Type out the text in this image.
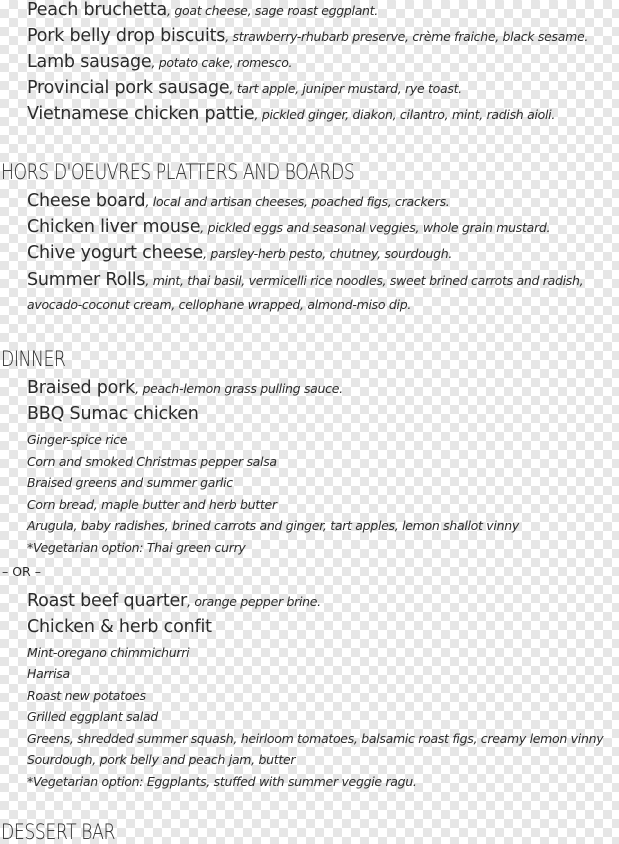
Peach bruchetta, goat cheese, sage roast eggplant.
Pork belly drop biscuits, strawberry-rhubarb preserve, crème fraiche, black sesame.
Lamb sausage, potato cake, romesco.
Provincial pork sausage, tart apple, juniper mustard, rye toast.
Vietnamese chicken pattie, pickled ginger, diakon, cilantro, mint, radish aioli.
HORS D'OEUVRES PLATTERS AND BOARDS
Cheese board, local and artisan cheeses, poached figs, crackers.
Chicken liver mouse, pickled eggs and seasonal veggies, whole grain mustard.
Chive yogurt cheese, parsley-herb pesto, chutney, sourdough.
Summer Rolls, mint, thai basil, vermicelli rice noodles, sweet brined carrots and radish, avocado-coconut cream, cellophane wrapped, almond-miso dip.
DINNER
Braised pork, peach-lemon grass pulling sauce.
BBQ Sumac chicken
Ginger-spice rice
Corn and smoked Christmas pepper salsa
Braised greens and summer garlic
Corn bread, maple butter and herb butter
Arugula, baby radishes, brined carrots and ginger, tart apples, lemon shallot vinny
*Vegetarian option: Thai green curry
– OR –
Roast beef quarter, orange pepper brine.
Chicken & herb confit
Mint-oregano chimmichurri
Harrisa
Roast new potatoes
Grilled eggplant salad
Greens, shredded summer squash, heirloom tomatoes, balsamic roast figs, creamy lemon vinny
Sourdough, pork belly and peach jam, butter
*Vegetarian option: Eggplants, stuffed with summer veggie ragu.
DESSERT BAR
